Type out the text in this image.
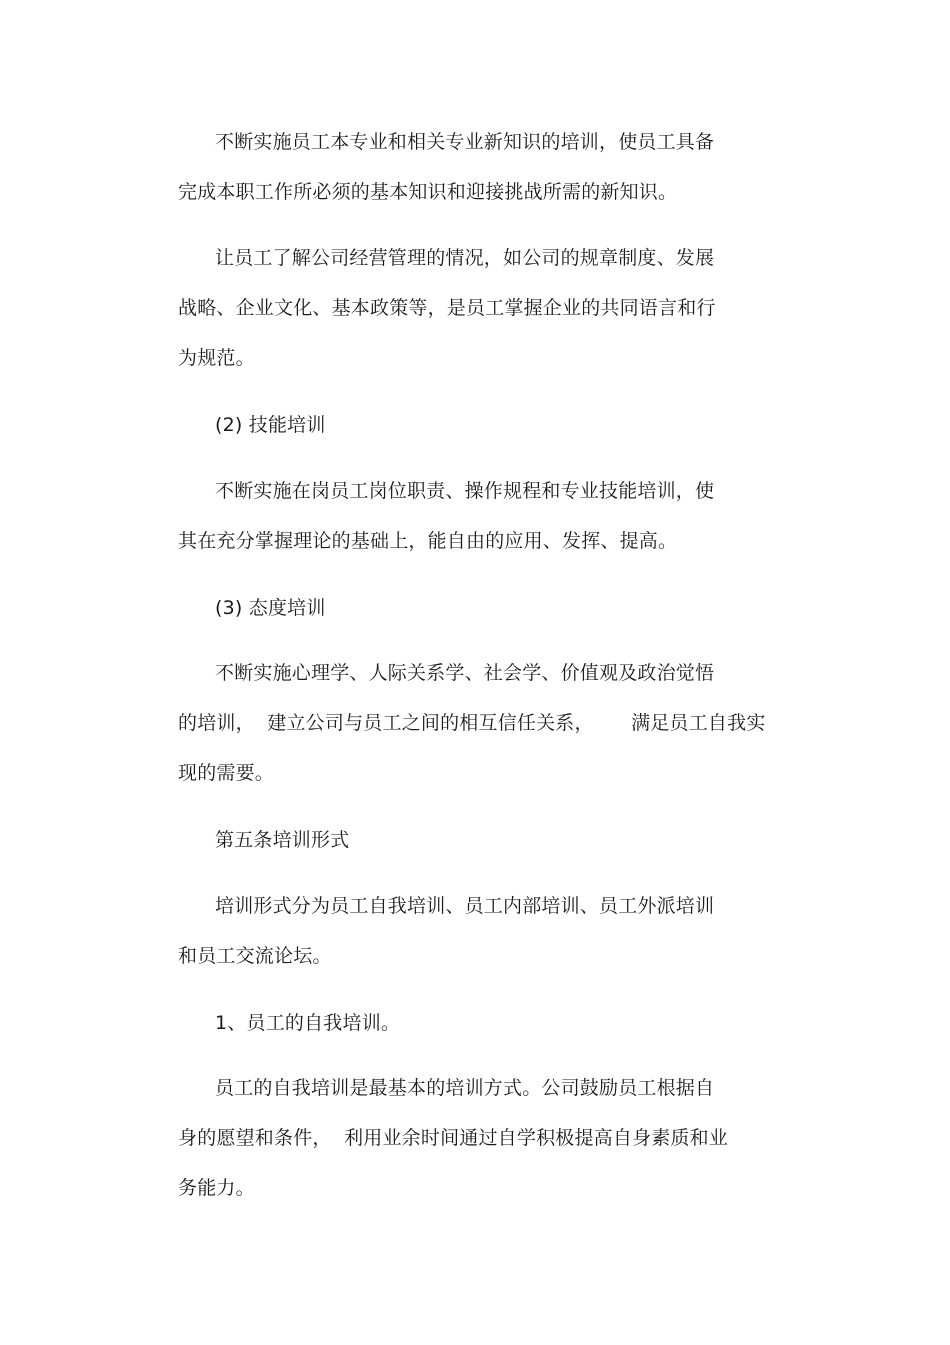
不断实施员工本专业和相关专业新知识的培训，使员工具备
完成本职工作所必须的基本知识和迎接挑战所需的新知识。
让员工了解公司经营管理的情况，如公司的规章制度、发展
战略、企业文化、基本政策等，是员工掌握企业的共同语言和行
为规范。
(2) 技能培训
不断实施在岗员工岗位职责、操作规程和专业技能培训，使
其在充分掌握理论的基础上，能自由的应用、发挥、提高。
(3) 态度培训
不断实施心理学、人际关系学、社会学、价值观及政治觉悟
的培训，  建立公司与员工之间的相互信任关系，      满足员工自我实
现的需要。
第五条培训形式
培训形式分为员工自我培训、员工内部培训、员工外派培训
和员工交流论坛。
1、员工的自我培训。
员工的自我培训是最基本的培训方式。公司鼓励员工根据自
身的愿望和条件，  利用业余时间通过自学积极提高自身素质和业
务能力。
